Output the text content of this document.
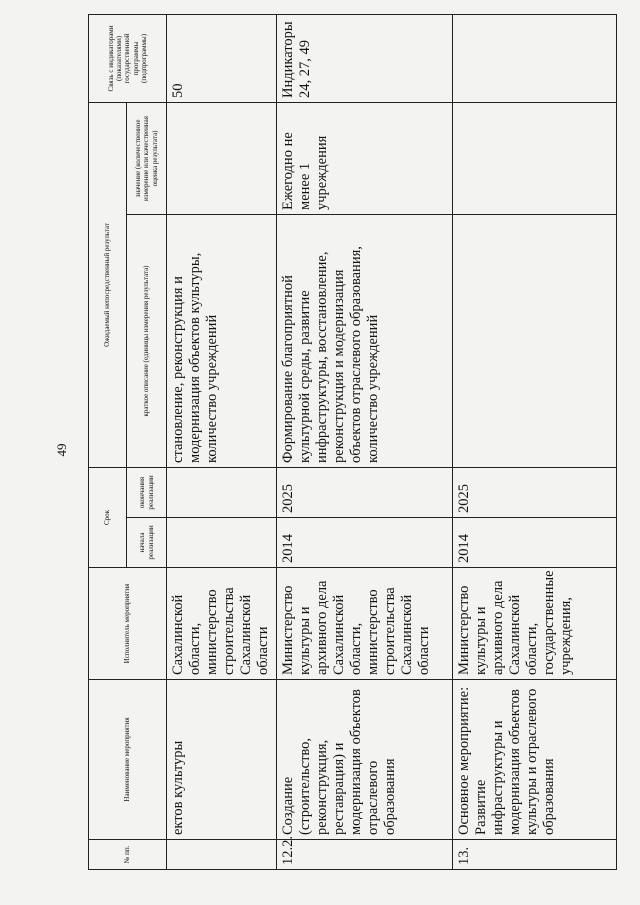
49
№ пп.	Наименование мероприятия	Исполнитель мероприятия	Срок		Ожидаемый непосредственный результат		Связь с индикаторами (показателями) государственной программы (подпрограммы)
			начала реализации	окончания реализации	краткое описание (единицы измерения результата)	значение (количественное измерение или качественная оценка результата)	
	ектов культуры	Сахалинской области, министерство строительства Сахалинской области			становление, реконструкция и модернизация объектов культуры, количество учреждений		50
12.2.	Создание (строительство, реконструкция, реставрация) и модернизация объектов отраслевого образования	Министерство культуры и архивного дела Сахалинской области, министерство строительства Сахалинской области	2014	2025	Формирование благоприятной культурной среды, развитие инфраструктуры, восстановление, реконструкция и модернизация объектов отраслевого образования, количество учреждений	Ежегодно не менее 1 учреждения	Индикаторы 24, 27, 49
13.	Основное мероприятие: Развитие инфраструктуры и модернизация объектов культуры и отраслевого образования	Министерство культуры и архивного дела Сахалинской области, государственные учреждения,	2014	2025			
